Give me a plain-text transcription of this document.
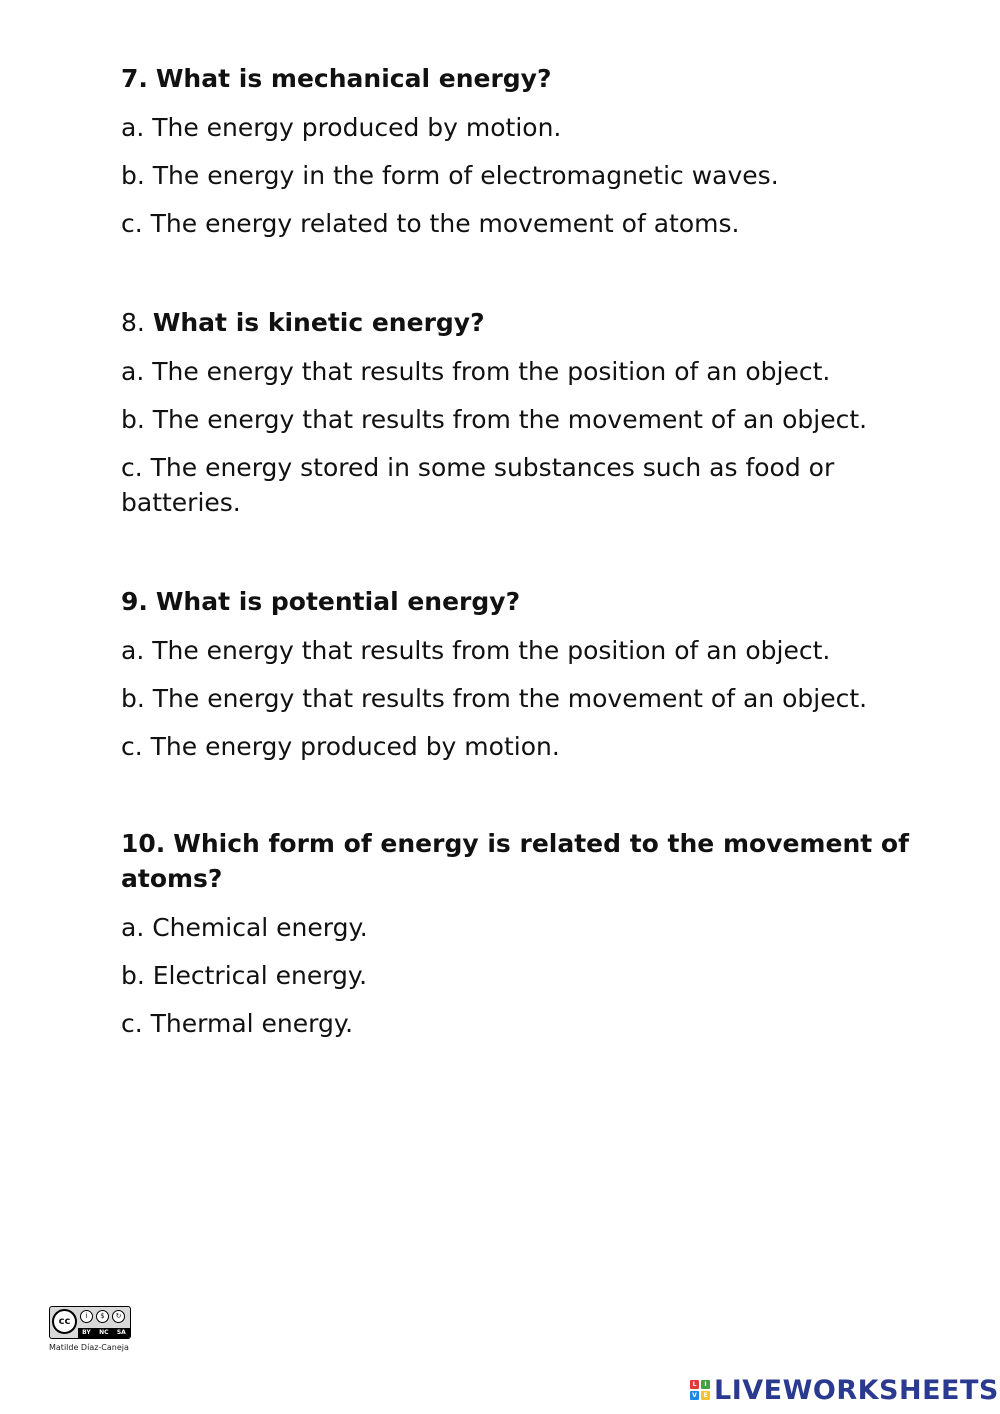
7. What is mechanical energy?
a. The energy produced by motion.
b. The energy in the form of electromagnetic waves.
c. The energy related to the movement of atoms.
8. What is kinetic energy?
a. The energy that results from the position of an object.
b. The energy that results from the movement of an object.
c. The energy stored in some substances such as food or batteries.
9. What is potential energy?
a. The energy that results from the position of an object.
b. The energy that results from the movement of an object.
c. The energy produced by motion.
10. Which form of energy is related to the movement of atoms?
a. Chemical energy.
b. Electrical energy.
c. Thermal energy.
cc	i	$	↻
BY NC SA
Matilde Díaz-Caneja
L	I
V	E LIVEWORKSHEETS
